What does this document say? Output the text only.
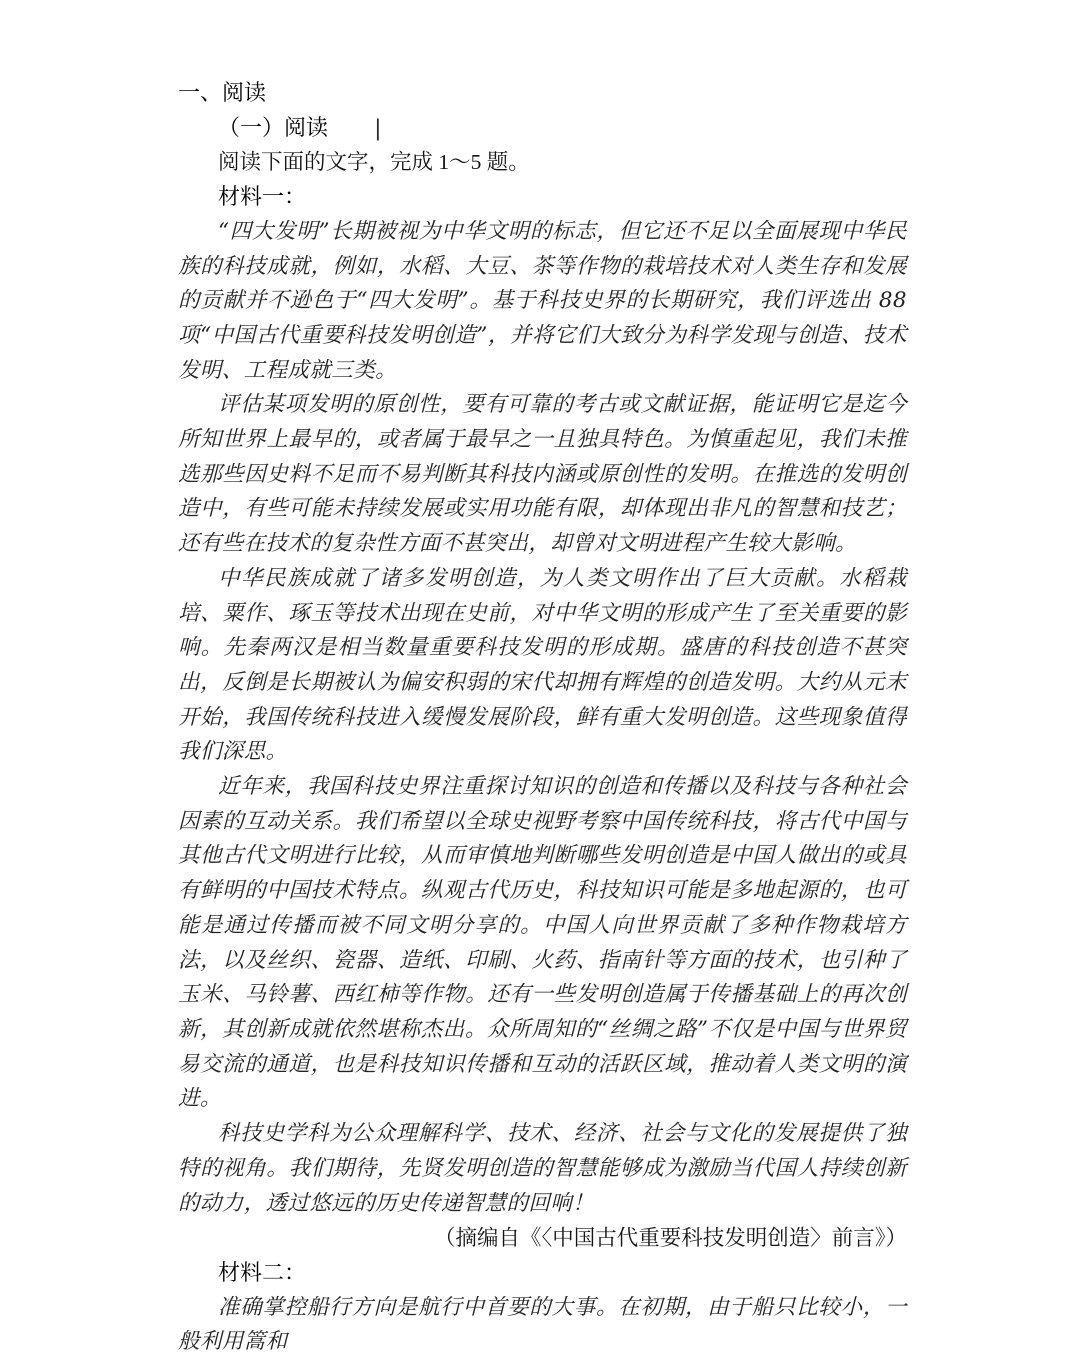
一、阅读
（一）阅读 |

阅读下面的文字，完成 1～5 题。

材料一：

“四大发明”长期被视为中华文明的标志，但它还不足以全面展现中华民族的科技成就，例如，水稻、大豆、茶等作物的栽培技术对人类生存和发展的贡献并不逊色于“四大发明”。基于科技史界的长期研究，我们评选出 88 项“中国古代重要科技发明创造”，并将它们大致分为科学发现与创造、技术发明、工程成就三类。

评估某项发明的原创性，要有可靠的考古或文献证据，能证明它是迄今所知世界上最早的，或者属于最早之一且独具特色。为慎重起见，我们未推选那些因史料不足而不易判断其科技内涵或原创性的发明。在推选的发明创造中，有些可能未持续发展或实用功能有限，却体现出非凡的智慧和技艺；还有些在技术的复杂性方面不甚突出，却曾对文明进程产生较大影响。

中华民族成就了诸多发明创造，为人类文明作出了巨大贡献。水稻栽培、粟作、琢玉等技术出现在史前，对中华文明的形成产生了至关重要的影响。先秦两汉是相当数量重要科技发明的形成期。盛唐的科技创造不甚突出，反倒是长期被认为偏安积弱的宋代却拥有辉煌的创造发明。大约从元末开始，我国传统科技进入缓慢发展阶段，鲜有重大发明创造。这些现象值得我们深思。

近年来，我国科技史界注重探讨知识的创造和传播以及科技与各种社会因素的互动关系。我们希望以全球史视野考察中国传统科技，将古代中国与其他古代文明进行比较，从而审慎地判断哪些发明创造是中国人做出的或具有鲜明的中国技术特点。纵观古代历史，科技知识可能是多地起源的，也可能是通过传播而被不同文明分享的。中国人向世界贡献了多种作物栽培方法，以及丝织、瓷器、造纸、印刷、火药、指南针等方面的技术，也引种了玉米、马铃薯、西红柿等作物。还有一些发明创造属于传播基础上的再次创新，其创新成就依然堪称杰出。众所周知的“丝绸之路”不仅是中国与世界贸易交流的通道，也是科技知识传播和互动的活跃区域，推动着人类文明的演进。

科技史学科为公众理解科学、技术、经济、社会与文化的发展提供了独特的视角。我们期待，先贤发明创造的智慧能够成为激励当代国人持续创新的动力，透过悠远的历史传递智慧的回响！

（摘编自《〈中国古代重要科技发明创造〉前言》）

材料二：

准确掌控船行方向是航行中首要的大事。在初期，由于船只比较小，一般利用篙和
